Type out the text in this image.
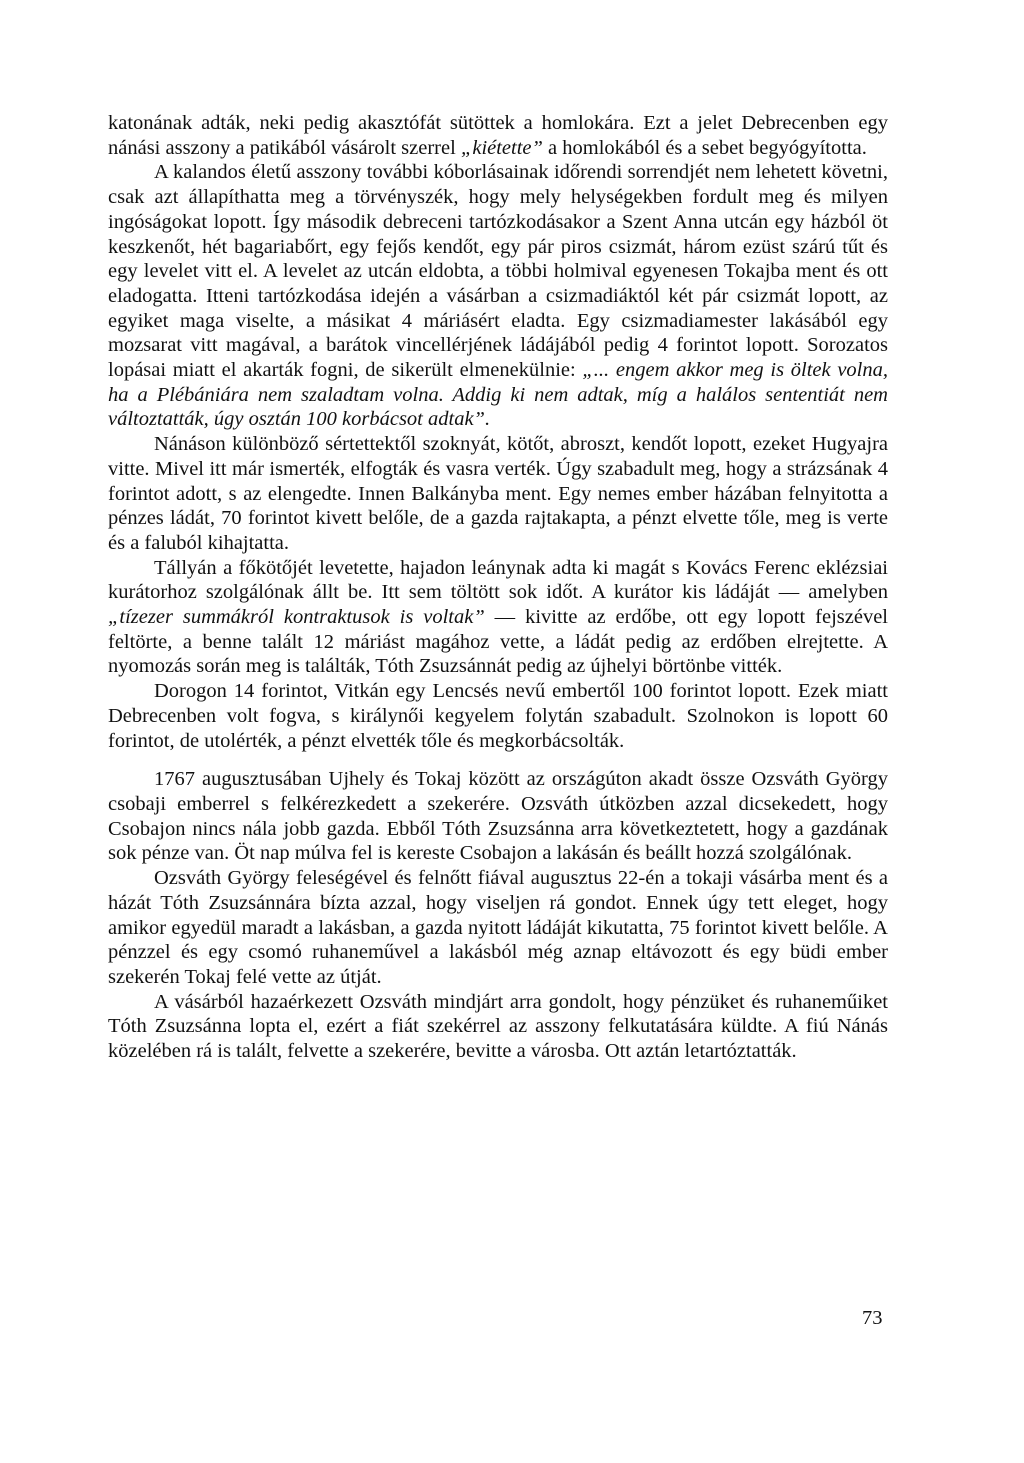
katonának adták, neki pedig akasztófát sütöttek a homlokára. Ezt a jelet Debrecenben egy nánási asszony a patikából vásárolt szerrel „kiétette” a homlokából és a sebet begyógyította.

A kalandos életű asszony további kóborlásainak időrendi sorrendjét nem lehetett követni, csak azt állapíthatta meg a törvényszék, hogy mely helységekben fordult meg és milyen ingóságokat lopott. Így második debreceni tartózkodásakor a Szent Anna utcán egy házból öt keszkenőt, hét bagariabőrt, egy fejős kendőt, egy pár piros csizmát, három ezüst szárú tűt és egy levelet vitt el. A levelet az utcán eldobta, a többi holmival egyenesen Tokajba ment és ott eladogatta. Itteni tartózkodása idején a vásárban a csizmadiáktól két pár csizmát lopott, az egyiket maga viselte, a másikat 4 máriásért eladta. Egy csizmadiamester lakásából egy mozsarat vitt magával, a barátok vincellérjének ládájából pedig 4 forintot lopott. Sorozatos lopásai miatt el akarták fogni, de sikerült elmenekülnie: „... engem akkor meg is öltek volna, ha a Plébániára nem szaladtam volna. Addig ki nem adtak, míg a halálos sententiát nem változtatták, úgy osztán 100 korbácsot adtak”.

Nánáson különböző sértettektől szoknyát, kötőt, abroszt, kendőt lopott, ezeket Hugyajra vitte. Mivel itt már ismerték, elfogták és vasra verték. Úgy szabadult meg, hogy a strázsának 4 forintot adott, s az elengedte. Innen Balkányba ment. Egy nemes ember házában felnyitotta a pénzes ládát, 70 forintot kivett belőle, de a gazda rajtakapta, a pénzt elvette tőle, meg is verte és a faluból kihajtatta.

Tállyán a főkötőjét levetette, hajadon leánynak adta ki magát s Kovács Ferenc eklézsiai kurátorhoz szolgálónak állt be. Itt sem töltött sok időt. A kurátor kis ládáját — amelyben „tízezer summákról kontraktusok is voltak” — kivitte az erdőbe, ott egy lopott fejszével feltörte, a benne talált 12 máriást magához vette, a ládát pedig az erdőben elrejtette. A nyomozás során meg is találták, Tóth Zsuzsánnát pedig az újhelyi börtönbe vitték.

Dorogon 14 forintot, Vitkán egy Lencsés nevű embertől 100 forintot lopott. Ezek miatt Debrecenben volt fogva, s királynői kegyelem folytán szabadult. Szolnokon is lopott 60 forintot, de utolérték, a pénzt elvették tőle és megkorbácsolták.

1767 augusztusában Ujhely és Tokaj között az országúton akadt össze Ozsváth György csobaji emberrel s felkérezkedett a szekerére. Ozsváth útközben azzal dicsekedett, hogy Csobajon nincs nála jobb gazda. Ebből Tóth Zsuzsánna arra következtetett, hogy a gazdának sok pénze van. Öt nap múlva fel is kereste Csobajon a lakásán és beállt hozzá szolgálónak.

Ozsváth György feleségével és felnőtt fiával augusztus 22-én a tokaji vásárba ment és a házát Tóth Zsuzsánnára bízta azzal, hogy viseljen rá gondot. Ennek úgy tett eleget, hogy amikor egyedül maradt a lakásban, a gazda nyitott ládáját kikutatta, 75 forintot kivett belőle. A pénzzel és egy csomó ruhaneművel a lakásból még aznap eltávozott és egy büdi ember szekerén Tokaj felé vette az útját.

A vásárból hazaérkezett Ozsváth mindjárt arra gondolt, hogy pénzüket és ruhaneműiket Tóth Zsuzsánna lopta el, ezért a fiát szekérrel az asszony felkutatására küldte. A fiú Nánás közelében rá is talált, felvette a szekerére, bevitte a városba. Ott aztán letartóztatták.

73
